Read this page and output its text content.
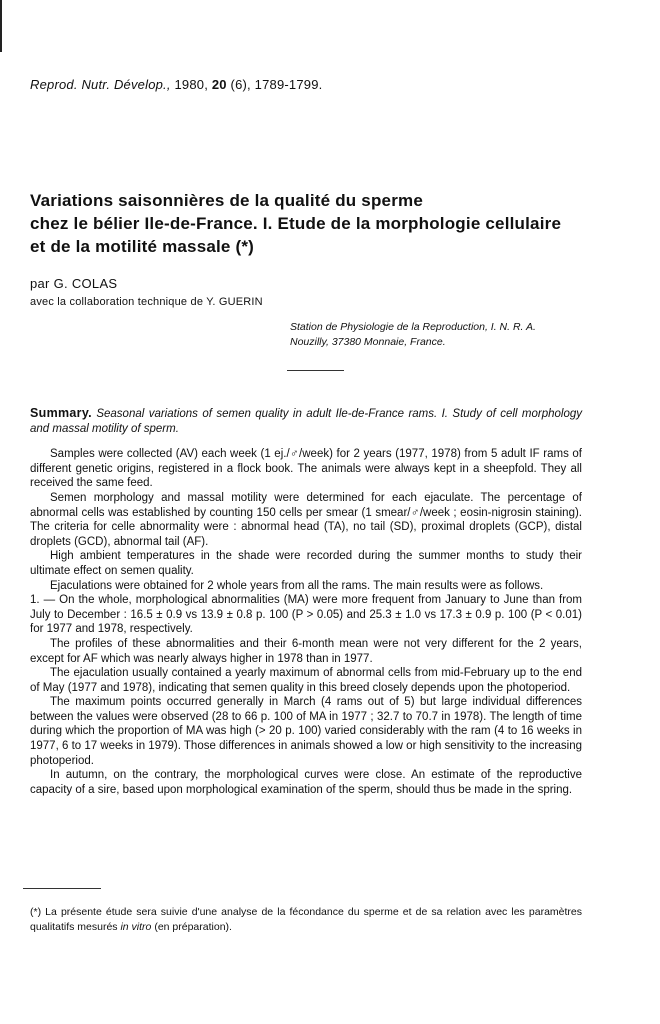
Reprod. Nutr. Dévelop., 1980, 20 (6), 1789-1799.
Variations saisonnières de la qualité du sperme
chez le bélier Ile-de-France. I. Etude de la morphologie cellulaire
et de la motilité massale (*)
par G. COLAS
avec la collaboration technique de Y. GUERIN
Station de Physiologie de la Reproduction, I. N. R. A.
Nouzilly, 37380 Monnaie, France.

Summary. Seasonal variations of semen quality in adult Ile-de-France rams. I. Study of cell morphology and massal motility of sperm.

Samples were collected (AV) each week (1 ej./♂/week) for 2 years (1977, 1978) from 5 adult IF rams of different genetic origins, registered in a flock book. The animals were always kept in a sheepfold. They all received the same feed.

Semen morphology and massal motility were determined for each ejaculate. The percentage of abnormal cells was established by counting 150 cells per smear (1 smear/♂/week ; eosin-nigrosin staining). The criteria for celle abnormality were : abnormal head (TA), no tail (SD), proximal droplets (GCP), distal droplets (GCD), abnormal tail (AF).

High ambient temperatures in the shade were recorded during the summer months to study their ultimate effect on semen quality.

Ejaculations were obtained for 2 whole years from all the rams. The main results were as follows.

1. — On the whole, morphological abnormalities (MA) were more frequent from January to June than from July to December : 16.5 ± 0.9 vs 13.9 ± 0.8 p. 100 (P > 0.05) and 25.3 ± 1.0 vs 17.3 ± 0.9 p. 100 (P < 0.01) for 1977 and 1978, respectively.

The profiles of these abnormalities and their 6-month mean were not very different for the 2 years, except for AF which was nearly always higher in 1978 than in 1977.

The ejaculation usually contained a yearly maximum of abnormal cells from mid-February up to the end of May (1977 and 1978), indicating that semen quality in this breed closely depends upon the photoperiod.

The maximum points occurred generally in March (4 rams out of 5) but large individual differences between the values were observed (28 to 66 p. 100 of MA in 1977 ; 32.7 to 70.7 in 1978). The length of time during which the proportion of MA was high (> 20 p. 100) varied considerably with the ram (4 to 16 weeks in 1977, 6 to 17 weeks in 1979). Those differences in animals showed a low or high sensitivity to the increasing photoperiod.

In autumn, on the contrary, the morphological curves were close. An estimate of the reproductive capacity of a sire, based upon morphological examination of the sperm, should thus be made in the spring.

(*) La présente étude sera suivie d'une analyse de la fécondance du sperme et de sa relation avec les paramètres qualitatifs mesurés in vitro (en préparation).
